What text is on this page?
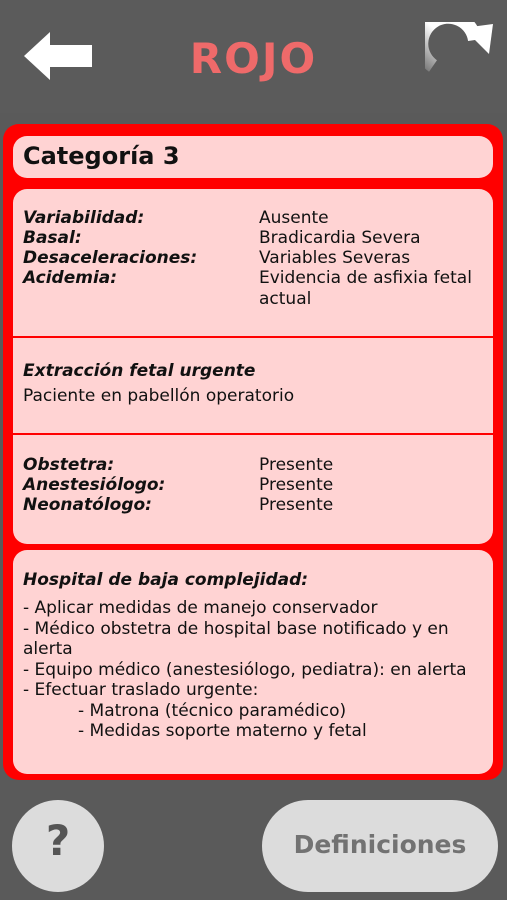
ROJO
Categoría 3
Variabilidad:	Ausente
Basal:	Bradicardia Severa
Desaceleraciones:	Variables Severas
Acidemia:	Evidencia de asfixia fetal
actual
Extracción fetal urgente
Paciente en pabellón operatorio
Obstetra:	Presente
Anestesiólogo:	Presente
Neonatólogo:	Presente
Hospital de baja complejidad:
- Aplicar medidas de manejo conservador
- Médico obstetra de hospital base notificado y en
alerta
- Equipo médico (anestesiólogo, pediatra): en alerta
- Efectuar traslado urgente:
- Matrona (técnico paramédico)
- Medidas soporte materno y fetal
?	Definiciones
